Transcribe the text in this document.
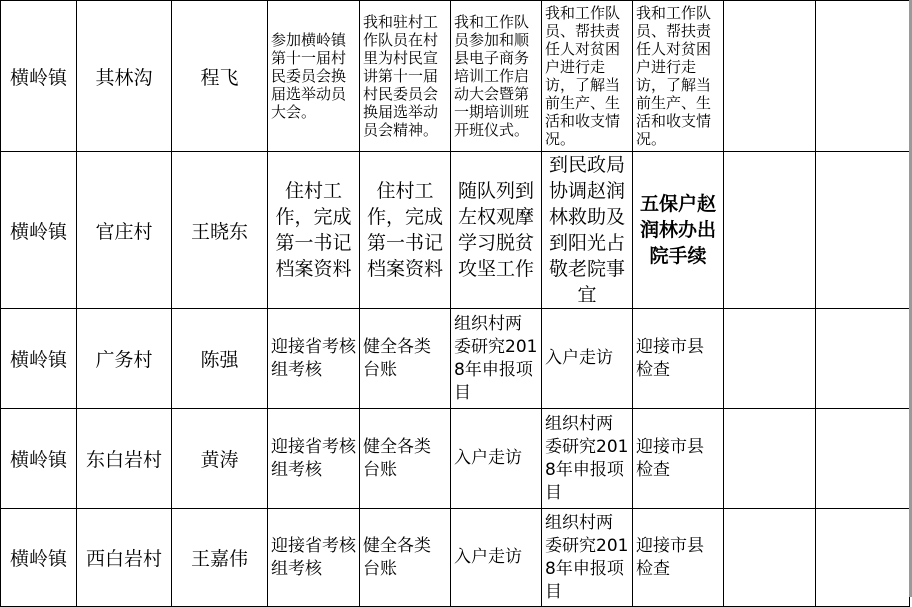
横岭镇	其林沟	程飞	参加横岭镇第十一届村民委员会换届选举动员大会。	我和驻村工作队员在村里为村民宣讲第十一届村民委员会换届选举动员会精神。	我和工作队员参加和顺县电子商务培训工作启动大会暨第一期培训班开班仪式。	我和工作队员、帮扶责任人对贫困户进行走访，了解当前生产、生活和收支情况。	我和工作队员、帮扶责任人对贫困户进行走访，了解当前生产、生活和收支情况。		
横岭镇	官庄村	王晓东	住村工作，完成第一书记档案资料	住村工作，完成第一书记档案资料	随队列到左权观摩学习脱贫攻坚工作	到民政局协调赵润林救助及到阳光占敬老院事宜	五保户赵润林办出院手续		
横岭镇	广务村	陈强	迎接省考核组考核	健全各类台账	组织村两委研究2018年申报项目	入户走访	迎接市县检查		
横岭镇	东白岩村	黄涛	迎接省考核组考核	健全各类台账	入户走访	组织村两委研究2018年申报项目	迎接市县检查		
横岭镇	西白岩村	王嘉伟	迎接省考核组考核	健全各类台账	入户走访	组织村两委研究2018年申报项目	迎接市县检查		
